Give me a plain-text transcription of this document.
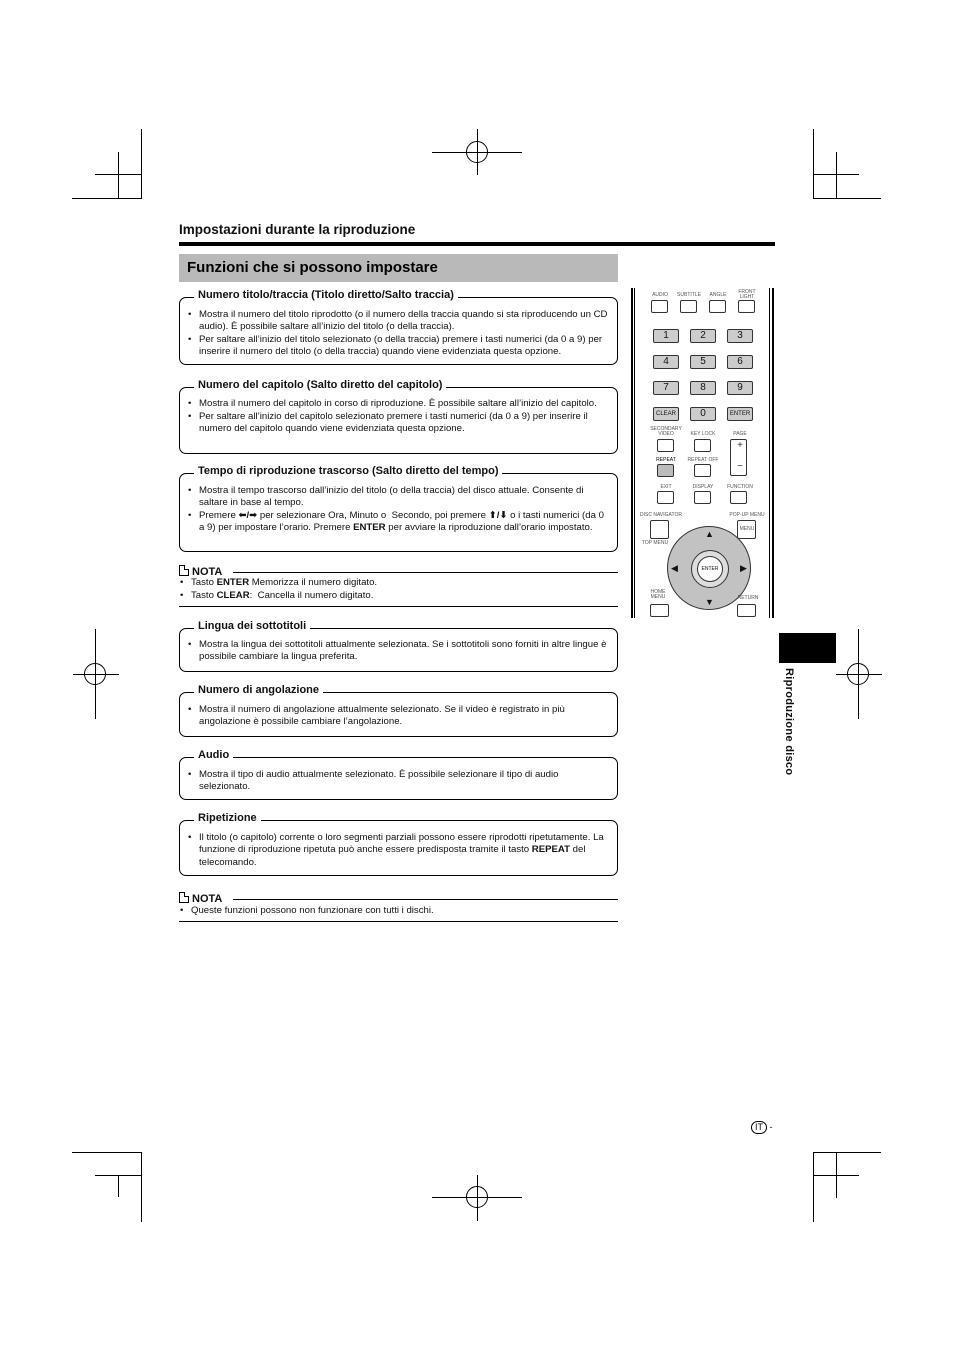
Impostazioni durante la riproduzione
Funzioni che si possono impostare
Numero titolo/traccia (Titolo diretto/Salto traccia)
• Mostra il numero del titolo riprodotto (o il numero della traccia quando si sta riproducendo un CD audio). È possibile saltare all’inizio del titolo (o della traccia).
• Per saltare all’inizio del titolo selezionato (o della traccia) premere i tasti numerici (da 0 a 9) per inserire il numero del titolo (o della traccia) quando viene evidenziata questa opzione.
Numero del capitolo (Salto diretto del capitolo)
• Mostra il numero del capitolo in corso di riproduzione. È possibile saltare all’inizio del capitolo.
• Per saltare all’inizio del capitolo selezionato premere i tasti numerici (da 0 a 9) per inserire il numero del capitolo quando viene evidenziata questa opzione.
Tempo di riproduzione trascorso (Salto diretto del tempo)
• Mostra il tempo trascorso dall’inizio del titolo (o della traccia) del disco attuale. Consente di saltare in base al tempo.
• Premere ⬅/➡ per selezionare Ora, Minuto o  Secondo, poi premere ⬆/⬇ o i tasti numerici (da 0 a 9) per impostare l’orario. Premere ENTER per avviare la riproduzione dall’orario impostato.
NOTA
• Tasto ENTER Memorizza il numero digitato.
• Tasto CLEAR:  Cancella il numero digitato.
Lingua dei sottotitoli
• Mostra la lingua dei sottotitoli attualmente selezionata. Se i sottotitoli sono forniti in altre lingue è possibile cambiare la lingua preferita.
Numero di angolazione
• Mostra il numero di angolazione attualmente selezionato. Se il video è registrato in più angolazione è possibile cambiare l’angolazione.
Audio
• Mostra il tipo di audio attualmente selezionato. È possibile selezionare il tipo di audio selezionato.
Ripetizione
• Il titolo (o capitolo) corrente o loro segmenti parziali possono essere riprodotti ripetutamente. La funzione di riproduzione ripetuta può anche essere predisposta tramite il tasto REPEAT del telecomando.
NOTA
• Queste funzioni possono non funzionare con tutti i dischi.
AUDIO SUBTITLE ANGLE	FRONT LIGHT
1	2	3
4	5	6
7	8	9
CLEAR	0	ENTER
SECONDARY VIDEO	KEY LOCK	PAGE
+
−
REPEAT REPEAT OFF
EXIT	DISPLAY	FUNCTION
DISC NAVIGATOR	POP-UP MENU
MENU
TOP MENU
▲
▼
◀	▶
ENTER
HOME MENU	RETURN
Riproduzione disco
IT -
